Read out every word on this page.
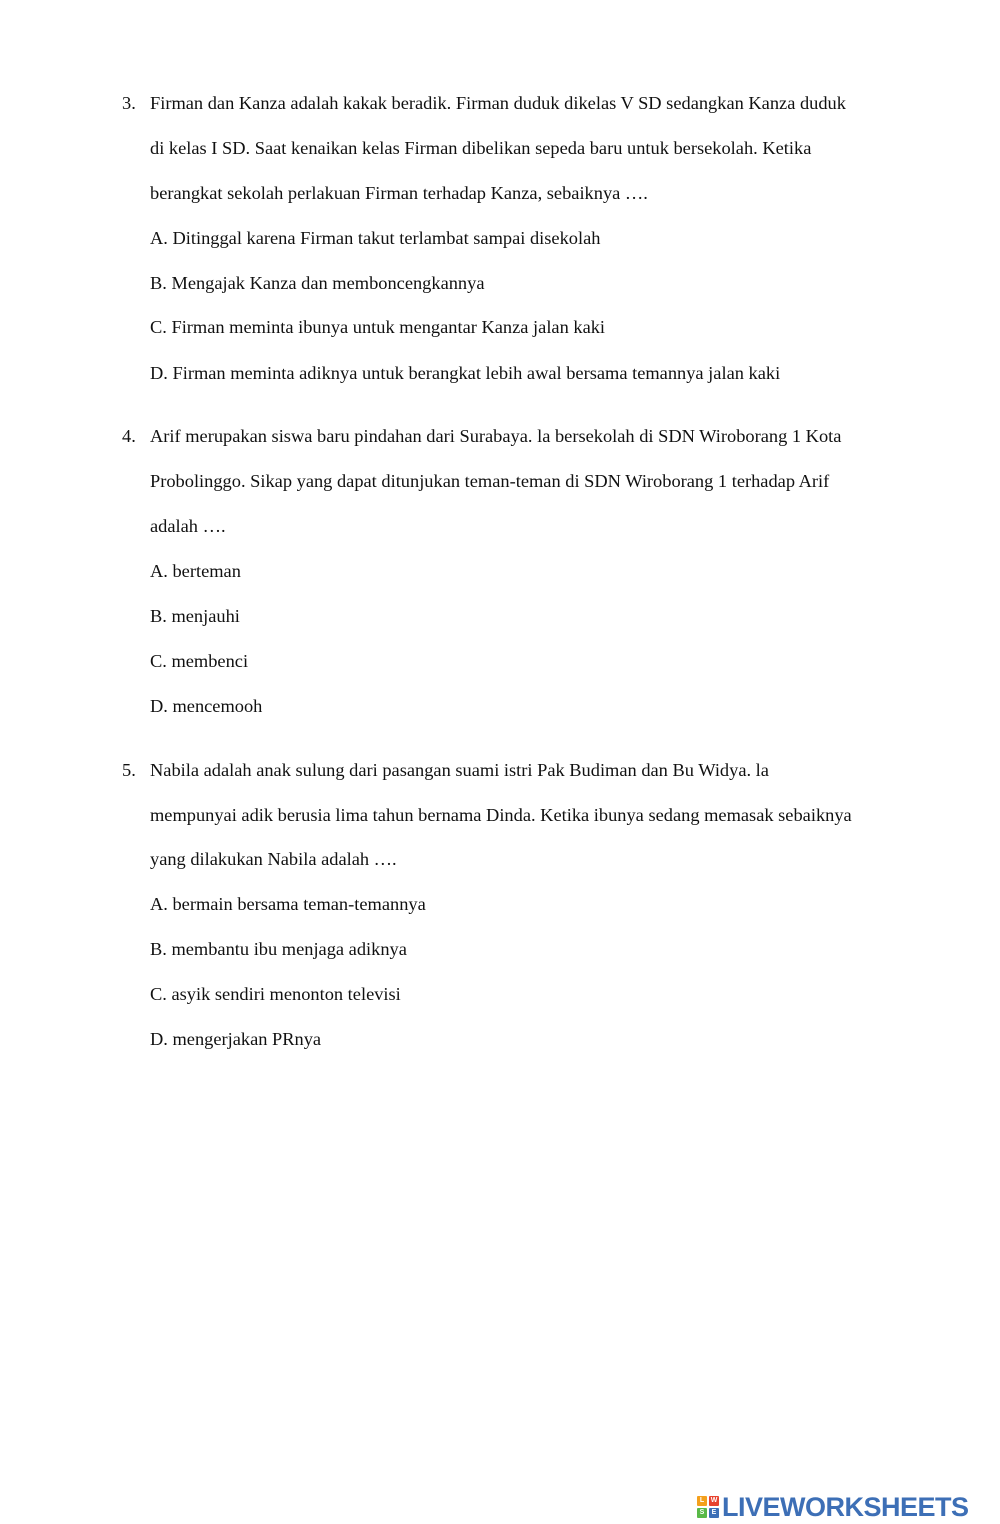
3. Firman dan Kanza adalah kakak beradik. Firman duduk dikelas V SD sedangkan Kanza duduk
di kelas I SD. Saat kenaikan kelas Firman dibelikan sepeda baru untuk bersekolah. Ketika
berangkat sekolah perlakuan Firman terhadap Kanza, sebaiknya ….
A. Ditinggal karena Firman takut terlambat sampai disekolah
B. Mengajak Kanza dan memboncengkannya
C. Firman meminta ibunya untuk mengantar Kanza jalan kaki
D. Firman meminta adiknya untuk berangkat lebih awal bersama temannya jalan kaki
4. Arif merupakan siswa baru pindahan dari Surabaya. la bersekolah di SDN Wiroborang 1 Kota
Probolinggo. Sikap yang dapat ditunjukan teman-teman di SDN Wiroborang 1 terhadap Arif
adalah ….
A. berteman
B. menjauhi
C. membenci
D. mencemooh
5. Nabila adalah anak sulung dari pasangan suami istri Pak Budiman dan Bu Widya. la
mempunyai adik berusia lima tahun bernama Dinda. Ketika ibunya sedang memasak sebaiknya
yang dilakukan Nabila adalah ….
A. bermain bersama teman-temannya
B. membantu ibu menjaga adiknya
C. asyik sendiri menonton televisi
D. mengerjakan PRnya
L W
S	E LIVEWORKSHEETS
